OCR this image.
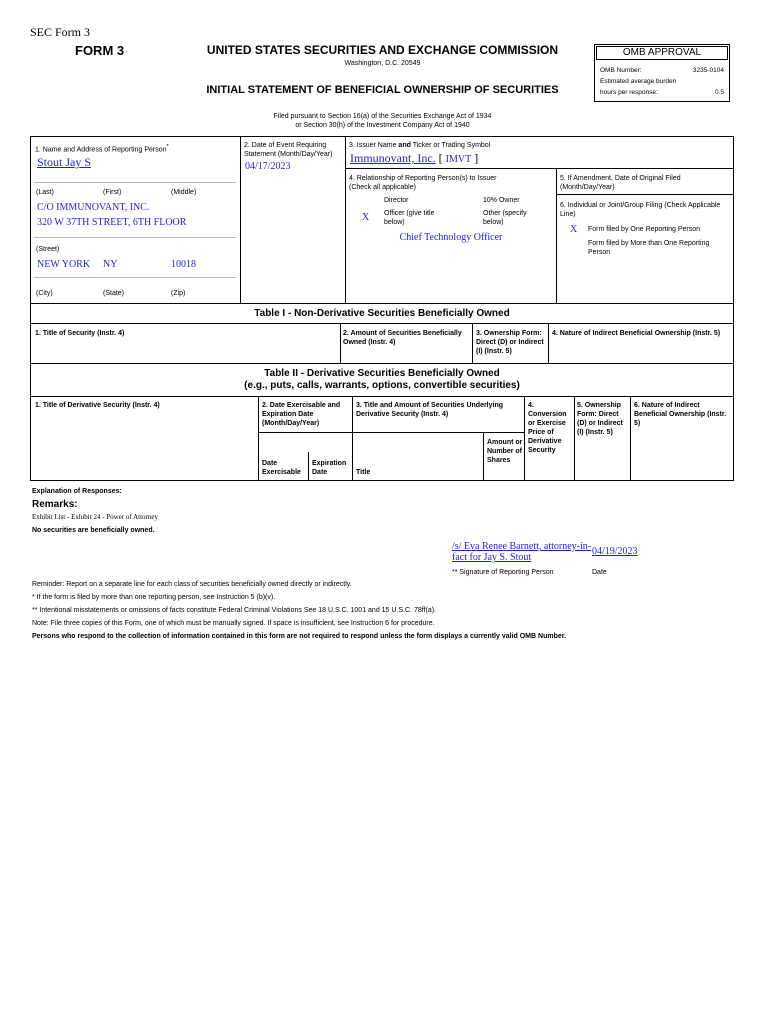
SEC Form 3
FORM 3	UNITED STATES SECURITIES AND EXCHANGE COMMISSION
Washington, D.C. 20549
INITIAL STATEMENT OF BENEFICIAL OWNERSHIP OF SECURITIES
OMB APPROVAL
OMB Number:	3235-0104
Estimated average burden
hours per response:	0.5
Filed pursuant to Section 16(a) of the Securities Exchange Act of 1934
or Section 30(h) of the Investment Company Act of 1940
1. Name and Address of Reporting Person*
Stout Jay S
(Last)	(First)	(Middle)
C/O IMMUNOVANT, INC.
320 W 37TH STREET, 6TH FLOOR
(Street)
NEW YORK NY	10018
(City)	(State)	(Zip)
2. Date of Event Requiring Statement (Month/Day/Year)
04/17/2023
3. Issuer Name and Ticker or Trading Symbol
Immunovant, Inc. [ IMVT ]
4. Relationship of Reporting Person(s) to Issuer
(Check all applicable)
Director	10% Owner
X Officer (give title below)
Other (specify below)
Chief Technology Officer
5. If Amendment, Date of Original Filed (Month/Day/Year)
6. Individual or Joint/Group Filing (Check Applicable Line)
X Form filed by One Reporting Person
Form filed by More than One Reporting Person
Table I - Non-Derivative Securities Beneficially Owned
1. Title of Security (Instr. 4)	2. Amount of Securities Beneficially Owned (Instr. 4)
3. Ownership Form: Direct (D) or Indirect (I) (Instr. 5)
4. Nature of Indirect Beneficial Ownership (Instr. 5)
Table II - Derivative Securities Beneficially Owned
(e.g., puts, calls, warrants, options, convertible securities)
1. Title of Derivative Security (Instr. 4)	2. Date Exercisable and Expiration Date (Month/Day/Year)
Date Exercisable
Expiration Date
3. Title and Amount of Securities Underlying Derivative Security (Instr. 4)
Title
Amount or Number of Shares
4. Conversion or Exercise Price of Derivative Security
5. Ownership Form: Direct (D) or Indirect (I) (Instr. 5)
6. Nature of Indirect Beneficial Ownership (Instr. 5)
Explanation of Responses:
Remarks:
Exhibit List - Exhibit 24 - Power of Attorney
No securities are beneficially owned.
/s/ Eva Renee Barnett, attorney-in-
fact for Jay S. Stout
04/19/2023
** Signature of Reporting Person	Date
Reminder: Report on a separate line for each class of securities beneficially owned directly or indirectly.
* If the form is filed by more than one reporting person, see Instruction 5 (b)(v).
** Intentional misstatements or omissions of facts constitute Federal Criminal Violations See 18 U.S.C. 1001 and 15 U.S.C. 78ff(a).
Note: File three copies of this Form, one of which must be manually signed. If space is insufficient, see Instruction 6 for procedure.
Persons who respond to the collection of information contained in this form are not required to respond unless the form displays a currently valid OMB Number.
